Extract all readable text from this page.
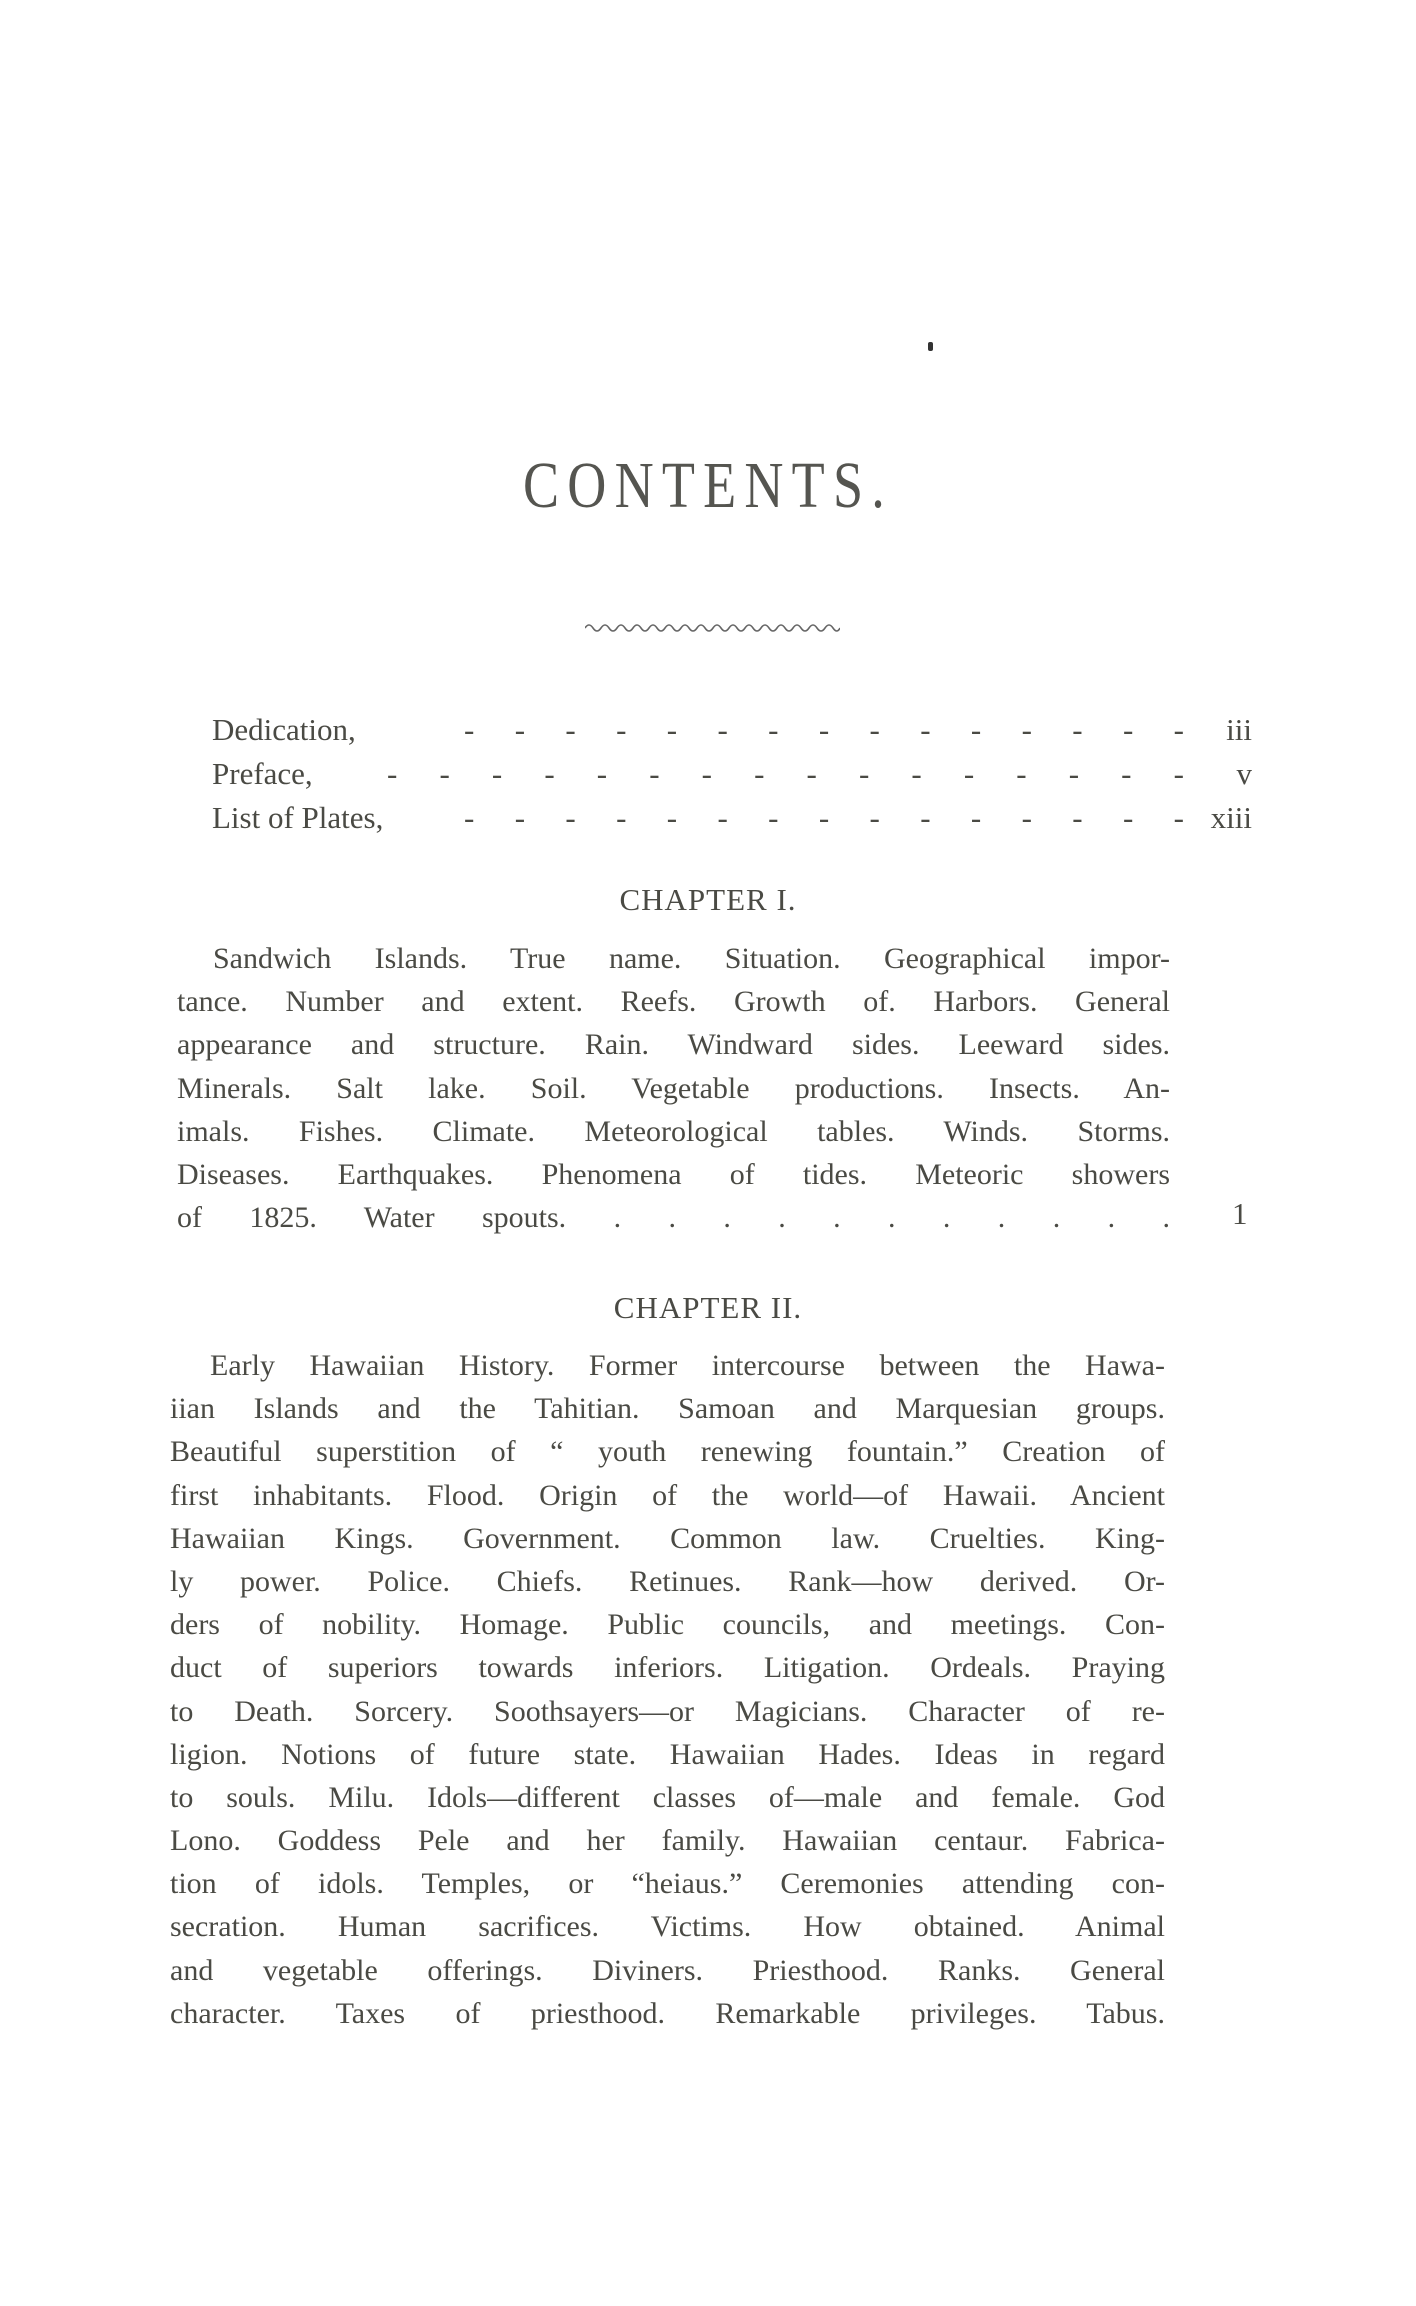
CONTENTS.
Dedication,	- - - - - - - - - - - - - - - iii
Preface, - - - - - - - - - - - - - - - - v
List of Plates,	- - - - - - - - - - - - - - - xiii
CHAPTER I.
Sandwich Islands. True name. Situation. Geographical impor-
tance. Number and extent. Reefs. Growth of. Harbors. General
appearance and structure. Rain. Windward sides. Leeward sides.
Minerals. Salt lake. Soil. Vegetable productions. Insects. An-
imals. Fishes. Climate. Meteorological tables. Winds. Storms.
Diseases. Earthquakes. Phenomena of tides. Meteoric showers
of 1825. Water spouts. . . . . . . . . . . . 1
CHAPTER II.
Early Hawaiian History. Former intercourse between the Hawa-
iian Islands and the Tahitian. Samoan and Marquesian groups.
Beautiful superstition of “ youth renewing fountain.” Creation of
first inhabitants. Flood. Origin of the world—of Hawaii. Ancient
Hawaiian Kings. Government. Common law. Cruelties. King-
ly power. Police. Chiefs. Retinues. Rank—how derived. Or-
ders of nobility. Homage. Public councils, and meetings. Con-
duct of superiors towards inferiors. Litigation. Ordeals. Praying
to Death. Sorcery. Soothsayers—or Magicians. Character of re-
ligion. Notions of future state. Hawaiian Hades. Ideas in regard
to souls. Milu. Idols—different classes of—male and female. God
Lono. Goddess Pele and her family. Hawaiian centaur. Fabrica-
tion of idols. Temples, or “heiaus.” Ceremonies attending con-
secration. Human sacrifices. Victims. How obtained. Animal
and vegetable offerings. Diviners. Priesthood. Ranks. General
character. Taxes of priesthood. Remarkable privileges. Tabus.
